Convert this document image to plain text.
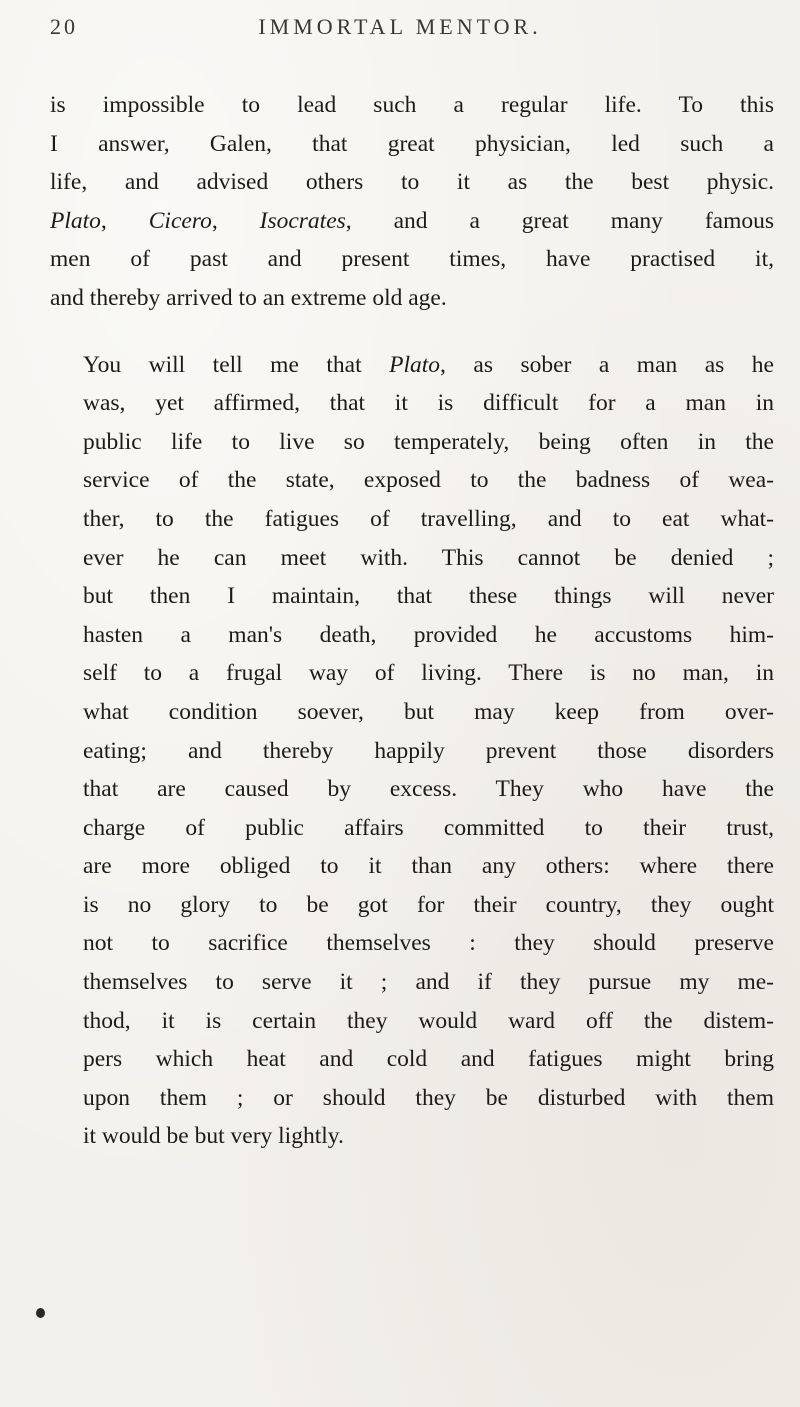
20	IMMORTAL MENTOR.

is impossible to lead such a regular life. To this
I answer, Galen, that great physician, led such a
life, and advised others to it as the best physic.
Plato, Cicero, Isocrates, and a great many famous
men of past and present times, have practised it,
and thereby arrived to an extreme old age.

You will tell me that Plato, as sober a man as he
was, yet affirmed, that it is difficult for a man in
public life to live so temperately, being often in the
service of the state, exposed to the badness of wea-
ther, to the fatigues of travelling, and to eat what-
ever he can meet with. This cannot be denied ;
but then I maintain, that these things will never
hasten a man's death, provided he accustoms him-
self to a frugal way of living. There is no man, in
what condition soever, but may keep from over-
eating; and thereby happily prevent those disorders
that are caused by excess. They who have the
charge of public affairs committed to their trust,
are more obliged to it than any others: where there
is no glory to be got for their country, they ought
not to sacrifice themselves : they should preserve
themselves to serve it ; and if they pursue my me-
thod, it is certain they would ward off the distem-
pers which heat and cold and fatigues might bring
upon them ; or should they be disturbed with them
it would be but very lightly.
